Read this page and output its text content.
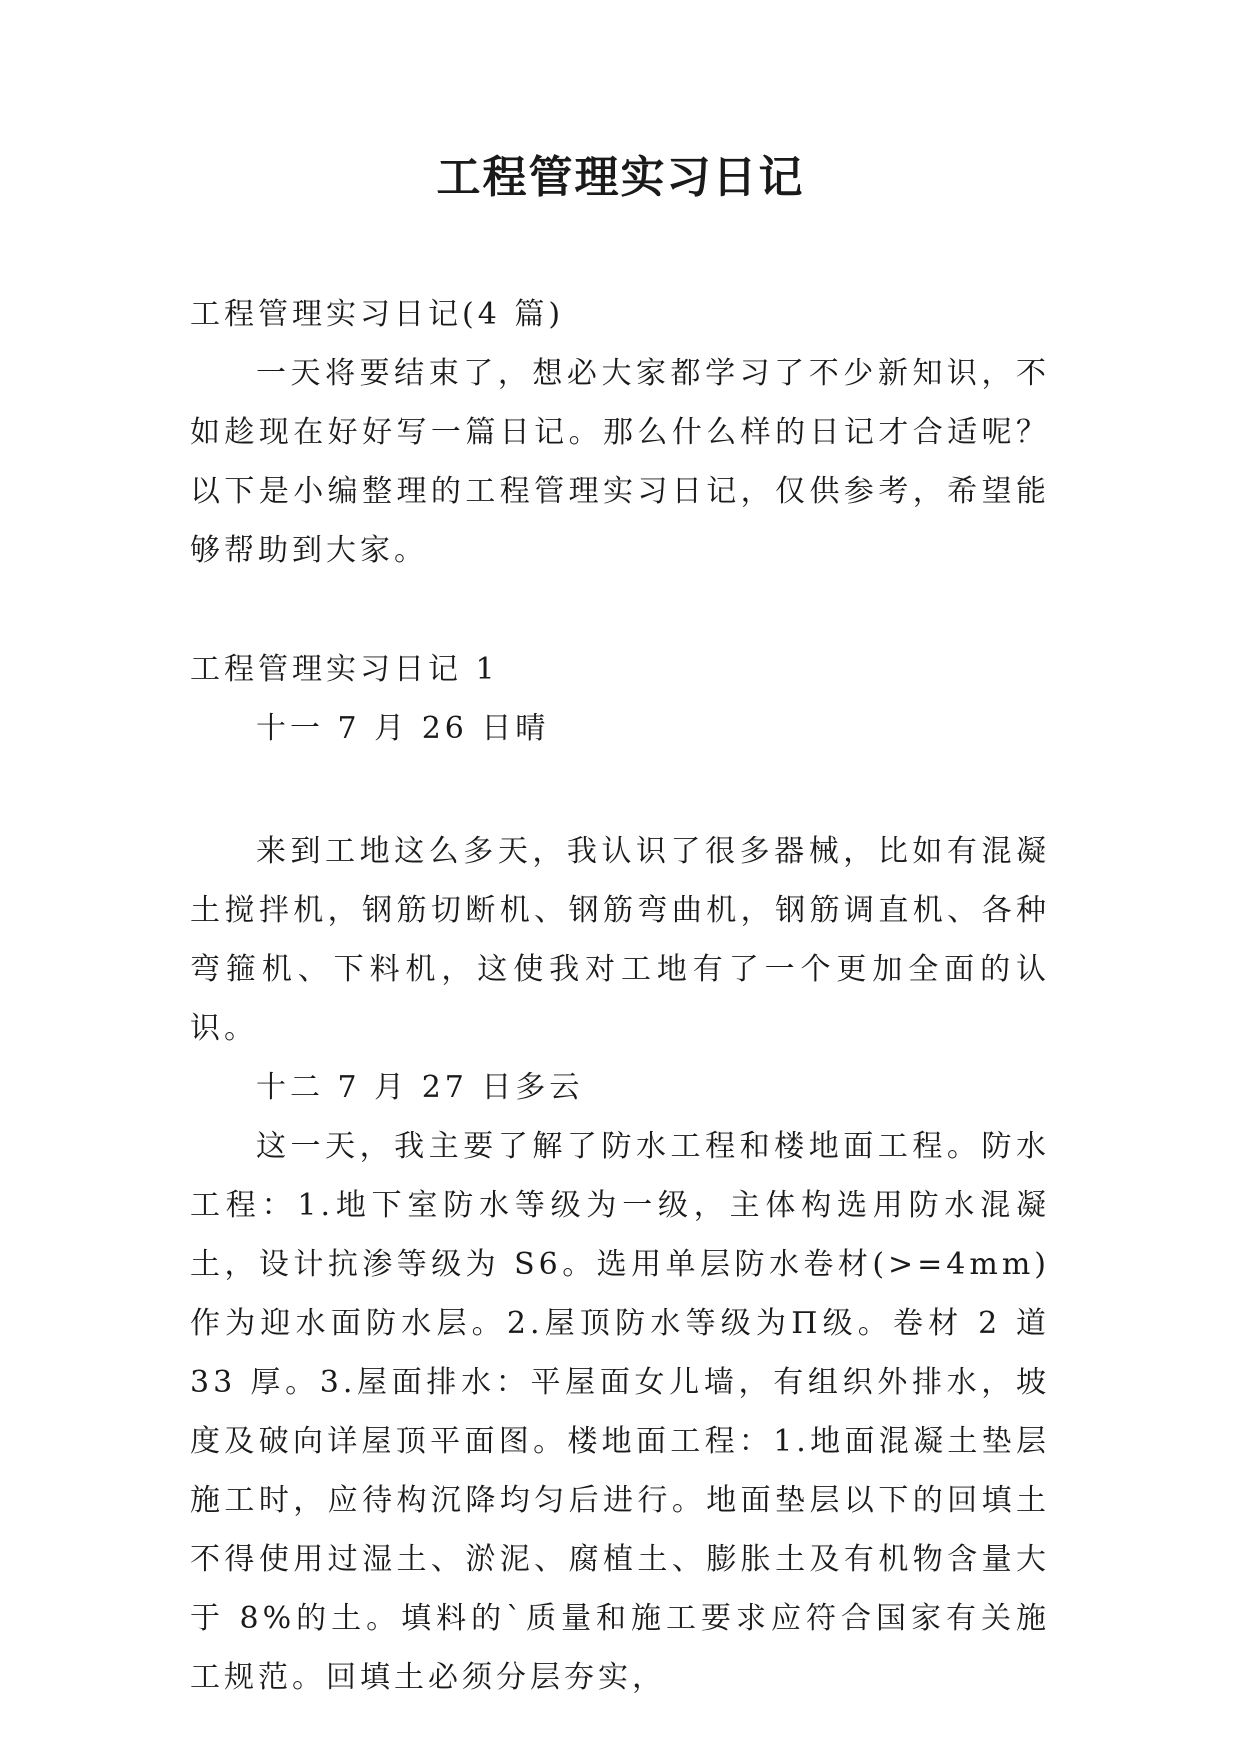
工程管理实习日记

工程管理实习日记(4 篇)

一天将要结束了，想必大家都学习了不少新知识，不如趁现在好好写一篇日记。那么什么样的日记才合适呢？以下是小编整理的工程管理实习日记，仅供参考，希望能够帮助到大家。

工程管理实习日记 1

十一 7 月 26 日晴

来到工地这么多天，我认识了很多器械，比如有混凝土搅拌机，钢筋切断机、钢筋弯曲机，钢筋调直机、各种弯箍机、下料机，这使我对工地有了一个更加全面的认识。

十二 7 月 27 日多云

这一天，我主要了解了防水工程和楼地面工程。防水工程：1.地下室防水等级为一级，主体构选用防水混凝土，设计抗渗等级为 S6。选用单层防水卷材(>=4mm)作为迎水面防水层。2.屋顶防水等级为Π级。卷材 2 道 33 厚。3.屋面排水：平屋面女儿墙，有组织外排水，坡度及破向详屋顶平面图。楼地面工程：1.地面混凝土垫层施工时，应待构沉降均匀后进行。地面垫层以下的回填土不得使用过湿土、淤泥、腐植土、膨胀土及有机物含量大于 8%的土。填料的`质量和施工要求应符合国家有关施工规范。回填土必须分层夯实，
